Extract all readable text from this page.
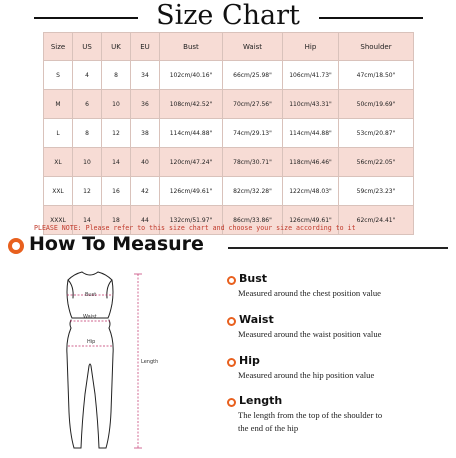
Size Chart
Size	US	UK	EU	Bust	Waist	Hip	Shoulder
S	4	8	34	102cm/40.16"	66cm/25.98"	106cm/41.73"	47cm/18.50"
M	6	10	36	108cm/42.52"	70cm/27.56"	110cm/43.31"	50cm/19.69"
L	8	12	38	114cm/44.88"	74cm/29.13"	114cm/44.88"	53cm/20.87"
XL	10	14	40	120cm/47.24"	78cm/30.71"	118cm/46.46"	56cm/22.05"
XXL	12	16	42	126cm/49.61"	82cm/32.28"	122cm/48.03"	59cm/23.23"
XXXL	14	18	44	132cm/51.97"	86cm/33.86"	126cm/49.61"	62cm/24.41"
PLEASE NOTE: Please refer to this size chart and choose your size according to it
How To Measure
Bust
Waist
Hip
Length
Bust
Measured around the chest position value
Waist
Measured around the waist position value
Hip
Measured around the hip position value
Length
The length from the top of the shoulder to
the end of the hip
